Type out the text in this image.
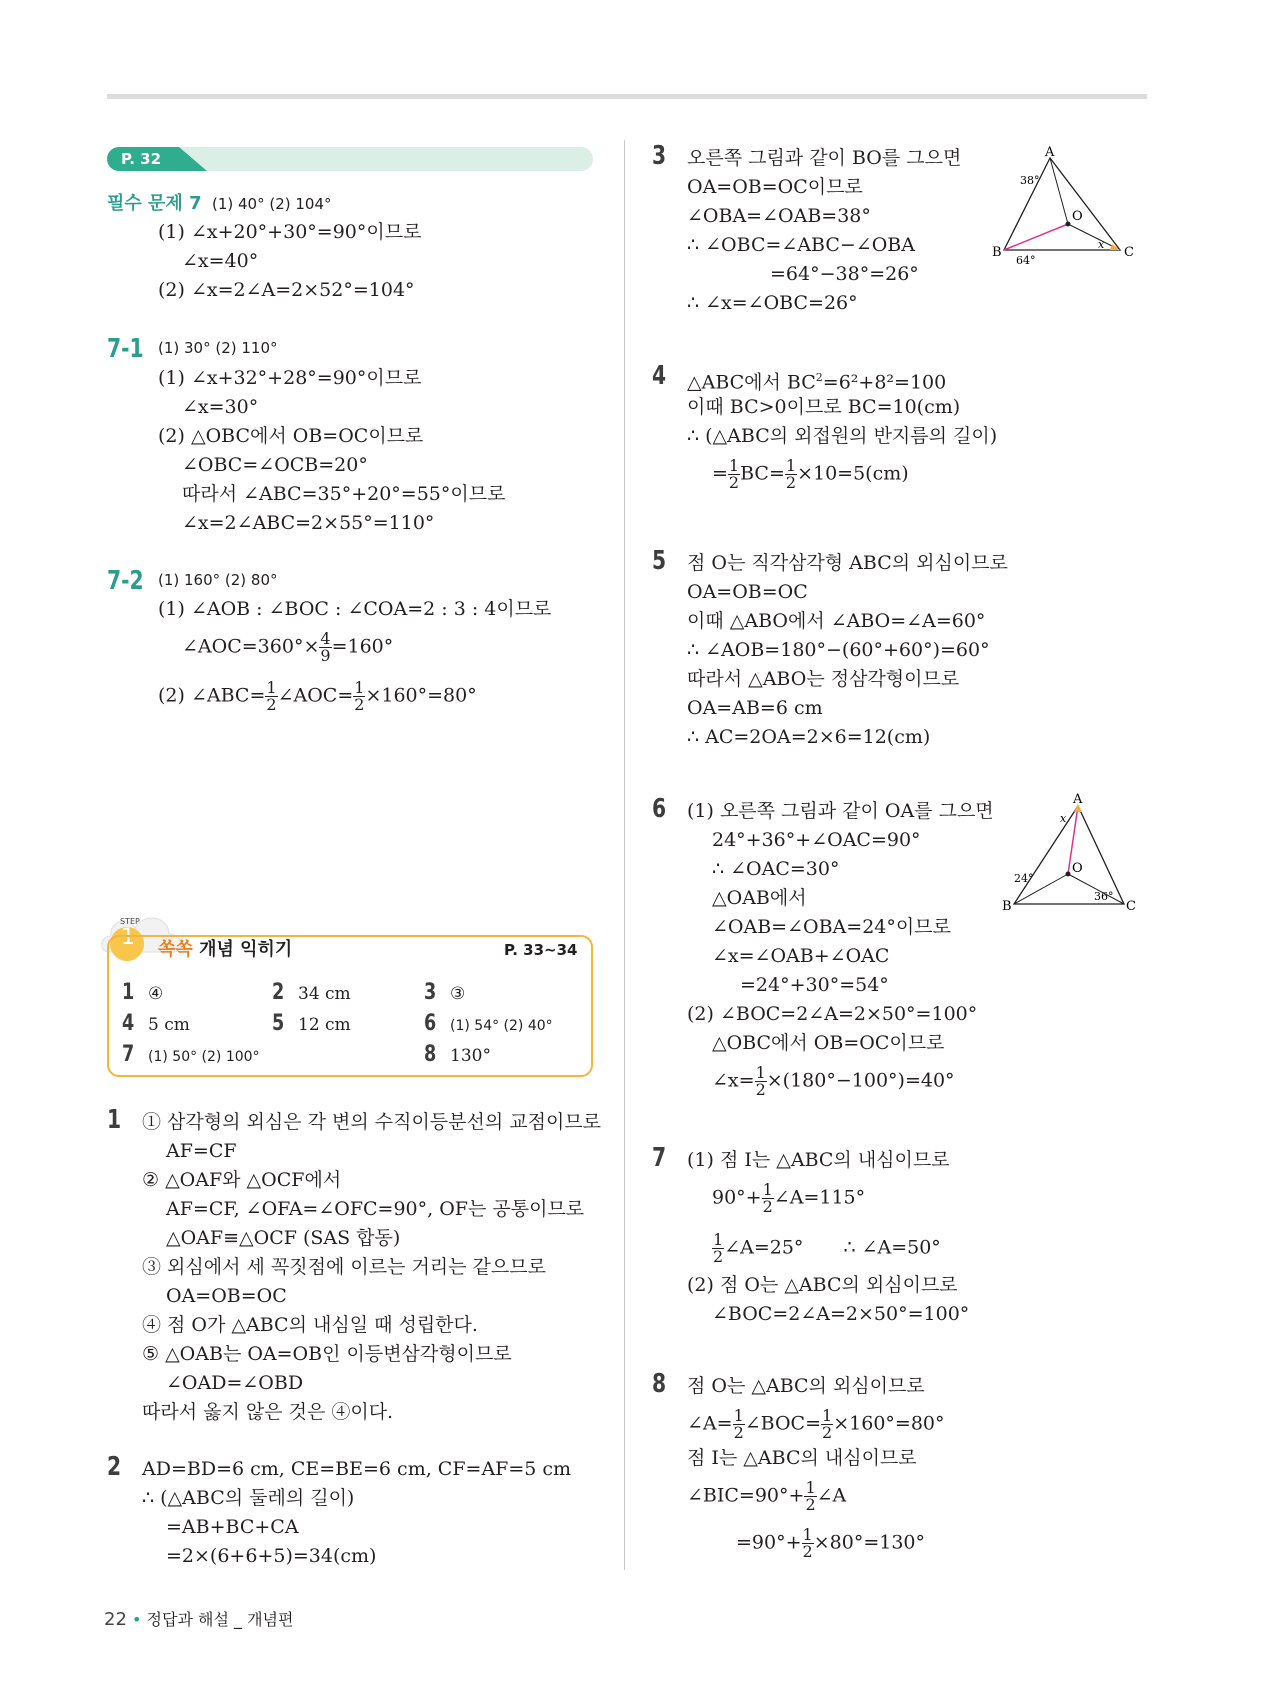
P. 32
필수 문제 7 (1) 40° (2) 104°
(1) ∠x+20°+30°=90°이므로
∠x=40°
(2) ∠x=2∠A=2×52°=104°
7-1 (1) 30° (2) 110°
(1) ∠x+32°+28°=90°이므로
∠x=30°
(2) △OBC에서 OB=OC이므로
∠OBC=∠OCB=20°
따라서 ∠ABC=35°+20°=55°이므로
∠x=2∠ABC=2×55°=110°
7-2 (1) 160° (2) 80°
(1) ∠AOB : ∠BOC : ∠COA=2 : 3 : 4이므로
∠AOC=360°× $\frac{4}{9} =160^\circ$
(2) ∠ABC= $\frac{1}{2}$ ∠AOC= $\frac{1}{2} \times 160^\circ=80^\circ$
STEP
1 쏙쏙 개념 익히기	P. 33~34
1 ④	2 34 cm	3 ③
4 5 cm	5 12 cm	6 (1) 54° (2) 40°
7 (1) 50° (2) 100°	8 130°
1 ① 삼각형의 외심은 각 변의 수직이등분선의 교점이므로
AF=CF
② △OAF와 △OCF에서
AF=CF, ∠OFA=∠OFC=90°, OF는 공통이므로
△OAF≡△OCF (SAS 합동)
③ 외심에서 세 꼭짓점에 이르는 거리는 같으므로
OA=OB=OC
④ 점 O가 △ABC의 내심일 때 성립한다.
⑤ △OAB는 OA=OB인 이등변삼각형이므로
∠OAD=∠OBD
따라서 옳지 않은 것은 ④이다.
2 AD=BD=6 cm, CE=BE=6 cm, CF=AF=5 cm
∴ (△ABC의 둘레의 길이)
=AB+BC+CA
=2×(6+6+5)=34(cm)
3 오른쪽 그림과 같이 BO를 그으면
OA=OB=OC이므로
∠OBA=∠OAB=38°
∴ ∠OBC=∠ABC−∠OBA
=64°−38°=26°
∴ ∠x=∠OBC=26°
A
B	C
O
38°
64°
x
4 △ABC에서 $BC^2=6^2+8^2=100$
이때 BC>0이므로 BC=10(cm)
∴ (△ABC의 외접원의 반지름의 길이)
= $\frac{1}{2} BC= \frac{1}{2} \times 10=5(cm)$
5 점 O는 직각삼각형 ABC의 외심이므로
OA=OB=OC
이때 △ABO에서 ∠ABO=∠A=60°
∴ ∠AOB=180°−(60°+60°)=60°
따라서 △ABO는 정삼각형이므로
OA=AB=6 cm
∴ AC=2OA=2×6=12(cm)
6 (1) 오른쪽 그림과 같이 OA를 그으면
24°+36°+∠OAC=90°
∴ ∠OAC=30°
△OAB에서
∠OAB=∠OBA=24°이므로
∠x=∠OAB+∠OAC
=24°+30°=54°
(2) ∠BOC=2∠A=2×50°=100°
△OBC에서 OB=OC이므로
∠x= $\frac{1}{2} \times(180^\circ-100^\circ)=40^\circ$
A
B	C
O
24°
36°
x
7 (1) 점 I는 △ABC의 내심이므로
$90^\circ+ \frac{1}{2}$ ∠A=115°
$\frac{1}{2}$ ∠A=25° ∴ ∠A=50°
(2) 점 O는 △ABC의 외심이므로
∠BOC=2∠A=2×50°=100°
8 점 O는 △ABC의 외심이므로
∠A= $\frac{1}{2}$ ∠BOC= $\frac{1}{2} \times 160^\circ=80^\circ$
점 I는 △ABC의 내심이므로
∠BIC=90°+ $\frac{1}{2}$ ∠A
$=90^\circ+ \frac{1}{2} \times 80^\circ=130^\circ$
22 • 정답과 해설 _ 개념편
